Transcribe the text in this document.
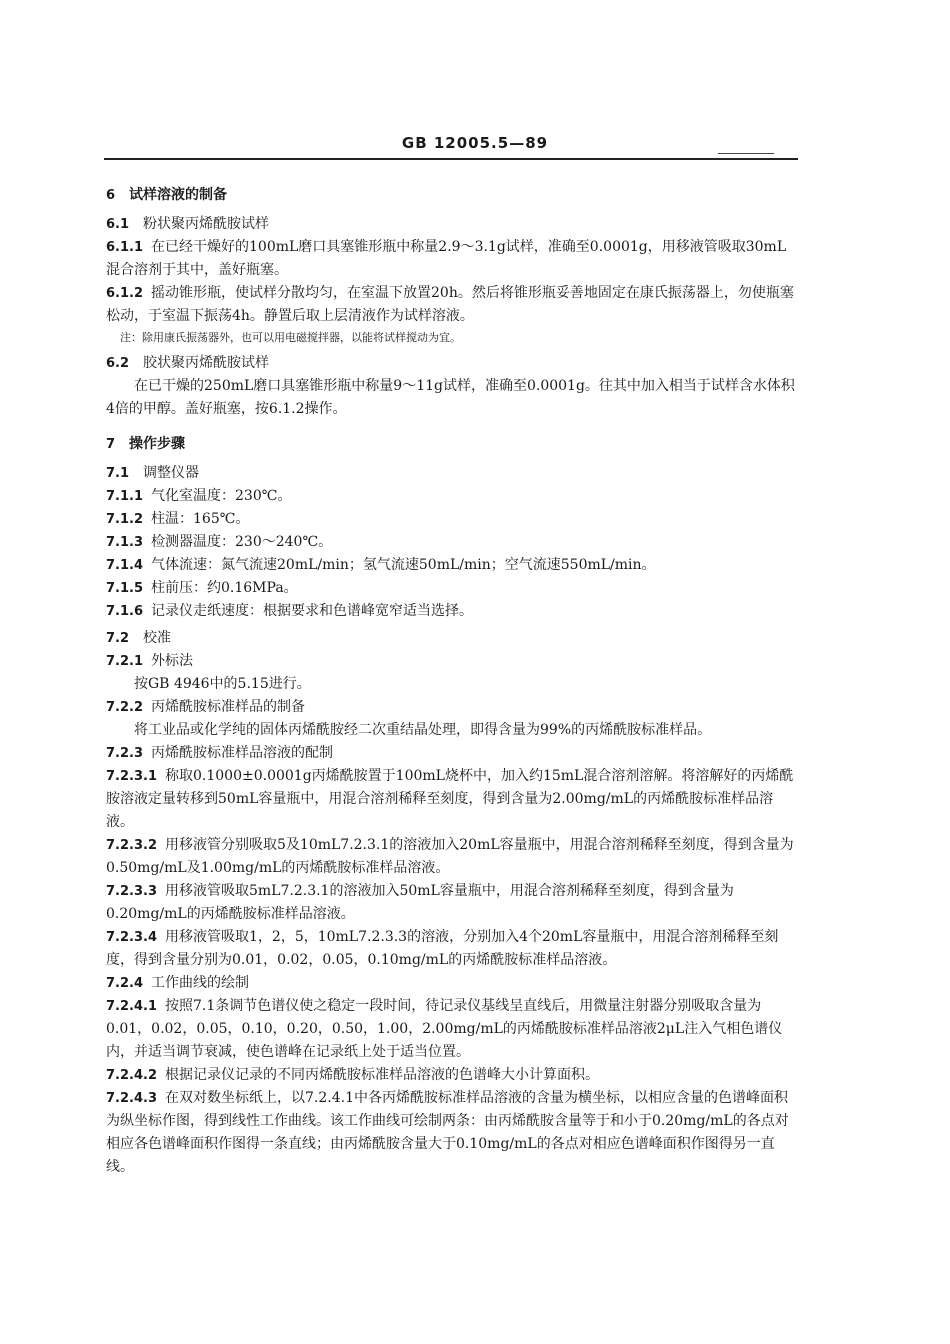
GB 12005.5—89

6 试样溶液的制备

6.1 粉状聚丙烯酰胺试样

6.1.1 在已经干燥好的100mL磨口具塞锥形瓶中称量2.9～3.1g试样，准确至0.0001g，用移液管吸取30mL混合溶剂于其中，盖好瓶塞。

6.1.2 摇动锥形瓶，使试样分散均匀，在室温下放置20h。然后将锥形瓶妥善地固定在康氏振荡器上，勿使瓶塞松动，于室温下振荡4h。静置后取上层清液作为试样溶液。

注：除用康氏振荡器外，也可以用电磁搅拌器，以能将试样搅动为宜。

6.2 胶状聚丙烯酰胺试样

在已干燥的250mL磨口具塞锥形瓶中称量9～11g试样，准确至0.0001g。往其中加入相当于试样含水体积4倍的甲醇。盖好瓶塞，按6.1.2操作。

7 操作步骤

7.1 调整仪器

7.1.1 气化室温度：230℃。

7.1.2 柱温：165℃。

7.1.3 检测器温度：230～240℃。

7.1.4 气体流速：氮气流速20mL/min；氢气流速50mL/min；空气流速550mL/min。

7.1.5 柱前压：约0.16MPa。

7.1.6 记录仪走纸速度：根据要求和色谱峰宽窄适当选择。

7.2 校准

7.2.1 外标法

按GB 4946中的5.15进行。

7.2.2 丙烯酰胺标准样品的制备

将工业品或化学纯的固体丙烯酰胺经二次重结晶处理，即得含量为99%的丙烯酰胺标准样品。

7.2.3 丙烯酰胺标准样品溶液的配制

7.2.3.1 称取0.1000±0.0001g丙烯酰胺置于100mL烧杯中，加入约15mL混合溶剂溶解。将溶解好的丙烯酰胺溶液定量转移到50mL容量瓶中，用混合溶剂稀释至刻度，得到含量为2.00mg/mL的丙烯酰胺标准样品溶液。

7.2.3.2 用移液管分别吸取5及10mL7.2.3.1的溶液加入20mL容量瓶中，用混合溶剂稀释至刻度，得到含量为0.50mg/mL及1.00mg/mL的丙烯酰胺标准样品溶液。

7.2.3.3 用移液管吸取5mL7.2.3.1的溶液加入50mL容量瓶中，用混合溶剂稀释至刻度，得到含量为0.20mg/mL的丙烯酰胺标准样品溶液。

7.2.3.4 用移液管吸取1，2，5，10mL7.2.3.3的溶液，分别加入4个20mL容量瓶中，用混合溶剂稀释至刻度，得到含量分别为0.01，0.02，0.05，0.10mg/mL的丙烯酰胺标准样品溶液。

7.2.4 工作曲线的绘制

7.2.4.1 按照7.1条调节色谱仪使之稳定一段时间，待记录仪基线呈直线后，用微量注射器分别吸取含量为0.01，0.02，0.05，0.10，0.20，0.50，1.00，2.00mg/mL的丙烯酰胺标准样品溶液2μL注入气相色谱仪内，并适当调节衰减，使色谱峰在记录纸上处于适当位置。

7.2.4.2 根据记录仪记录的不同丙烯酰胺标准样品溶液的色谱峰大小计算面积。

7.2.4.3 在双对数坐标纸上，以7.2.4.1中各丙烯酰胺标准样品溶液的含量为横坐标，以相应含量的色谱峰面积为纵坐标作图，得到线性工作曲线。该工作曲线可绘制两条：由丙烯酰胺含量等于和小于0.20mg/mL的各点对相应各色谱峰面积作图得一条直线；由丙烯酰胺含量大于0.10mg/mL的各点对相应色谱峰面积作图得另一直线。
